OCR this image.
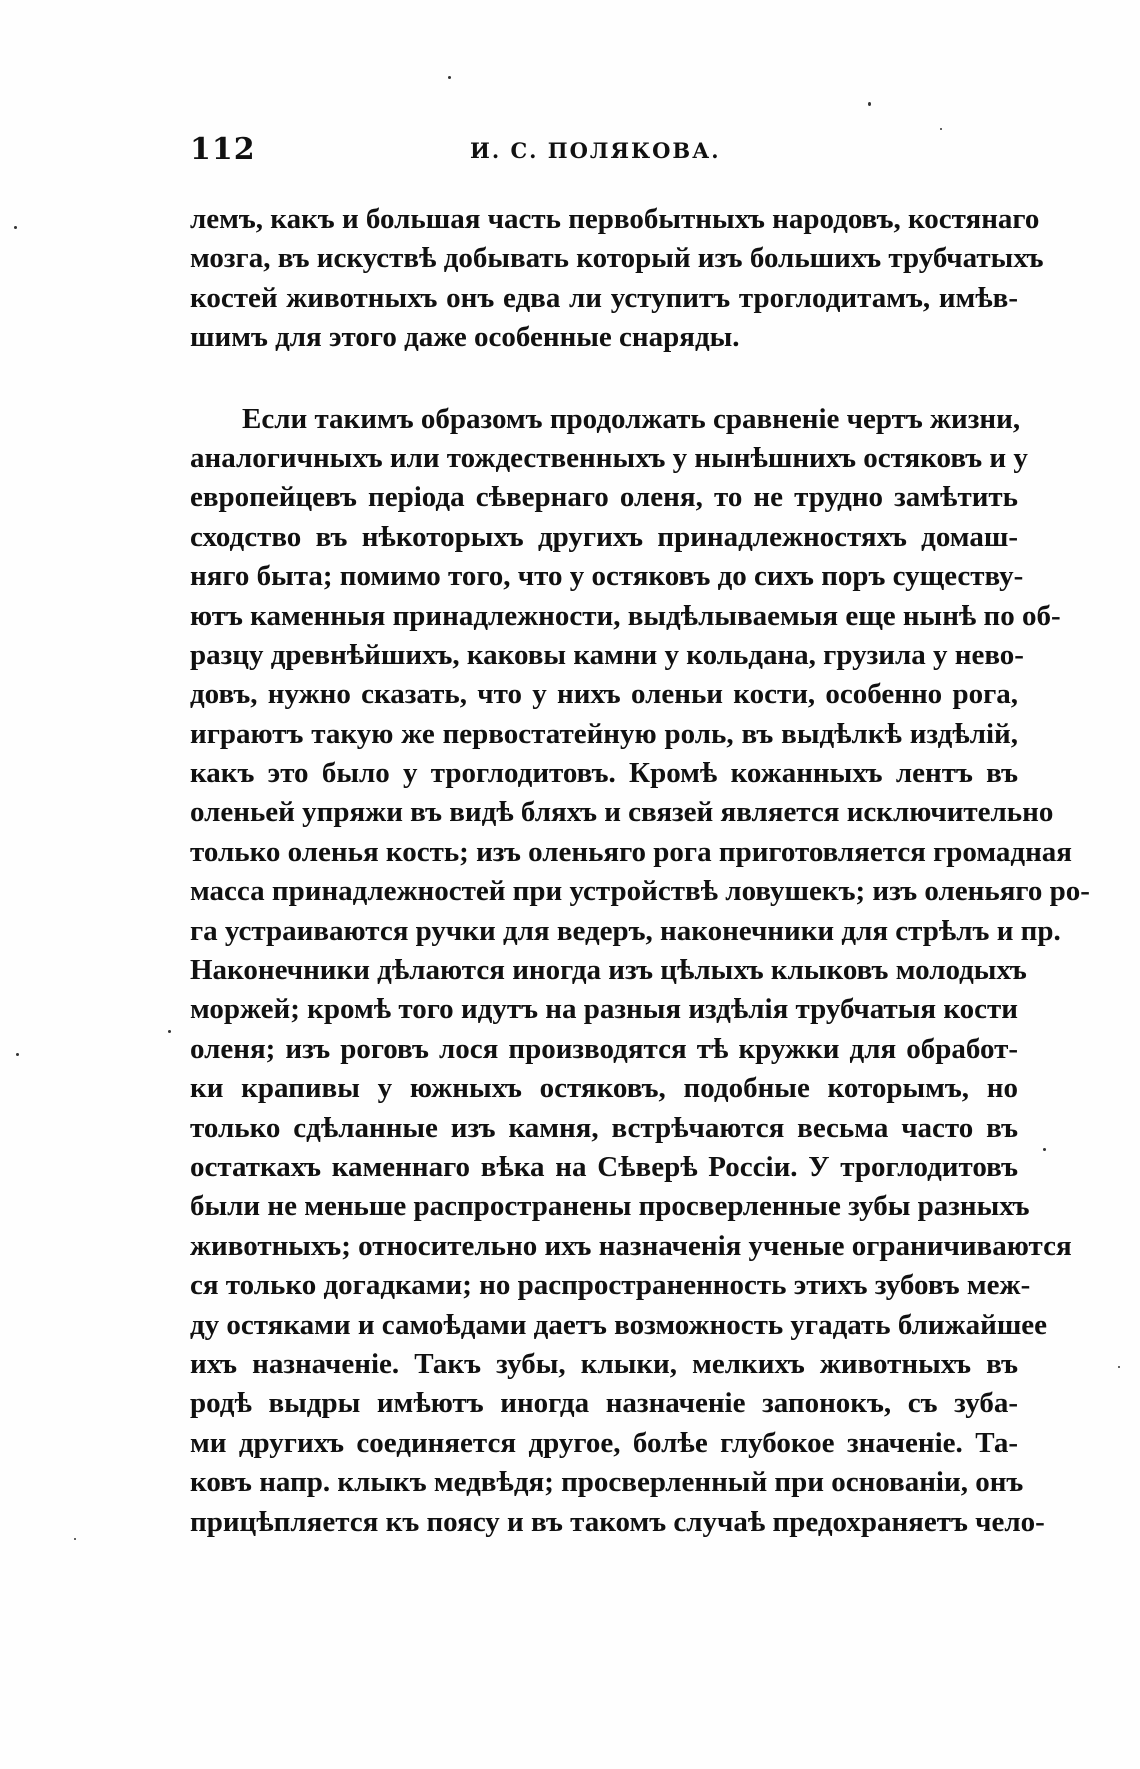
112	И. С. ПОЛЯКОВА.
лемъ, какъ и большая часть первобытныхъ народовъ, костянаго
мозга, въ искуствѣ добывать который изъ большихъ трубчатыхъ
костей животныхъ онъ едва ли уступитъ троглодитамъ, имѣв-
шимъ для этого даже особенные снаряды.
Если такимъ образомъ продолжать сравненіе чертъ жизни,
аналогичныхъ или тождественныхъ у нынѣшнихъ остяковъ и у
европейцевъ періода сѣвернаго оленя, то не трудно замѣтить
сходство въ нѣкоторыхъ другихъ принадлежностяхъ домаш-
няго быта; помимо того, что у остяковъ до сихъ поръ существу-
ютъ каменныя принадлежности, выдѣлываемыя еще нынѣ по об-
разцу древнѣйшихъ, каковы камни у кольдана, грузила у нево-
довъ, нужно сказать, что у нихъ оленьи кости, особенно рога,
играютъ такую же первостатейную роль, въ выдѣлкѣ издѣлій,
какъ это было у троглодитовъ. Кромѣ кожанныхъ лентъ въ
оленьей упряжи въ видѣ бляхъ и связей является исключительно
только оленья кость; изъ оленьяго рога приготовляется громадная
масса принадлежностей при устройствѣ ловушекъ; изъ оленьяго ро-
га устраиваются ручки для ведеръ, наконечники для стрѣлъ и пр.
Наконечники дѣлаются иногда изъ цѣлыхъ клыковъ молодыхъ
моржей; кромѣ того идутъ на разныя издѣлія трубчатыя кости
оленя; изъ роговъ лося производятся тѣ кружки для обработ-
ки крапивы у южныхъ остяковъ, подобные которымъ, но
только сдѣланные изъ камня, встрѣчаются весьма часто въ
остаткахъ каменнаго вѣка на Сѣверѣ Россіи. У троглодитовъ
были не меньше распространены просверленные зубы разныхъ
животныхъ; относительно ихъ назначенія ученые ограничиваются
ся только догадками; но распространенность этихъ зубовъ меж-
ду остяками и самоѣдами даетъ возможность угадать ближайшее
ихъ назначеніе. Такъ зубы, клыки, мелкихъ животныхъ въ
родѣ выдры имѣютъ иногда назначеніе запонокъ, съ зуба-
ми другихъ соединяется другое, болѣе глубокое значеніе. Та-
ковъ напр. клыкъ медвѣдя; просверленный при основаніи, онъ
прицѣпляется къ поясу и въ такомъ случаѣ предохраняетъ чело-
